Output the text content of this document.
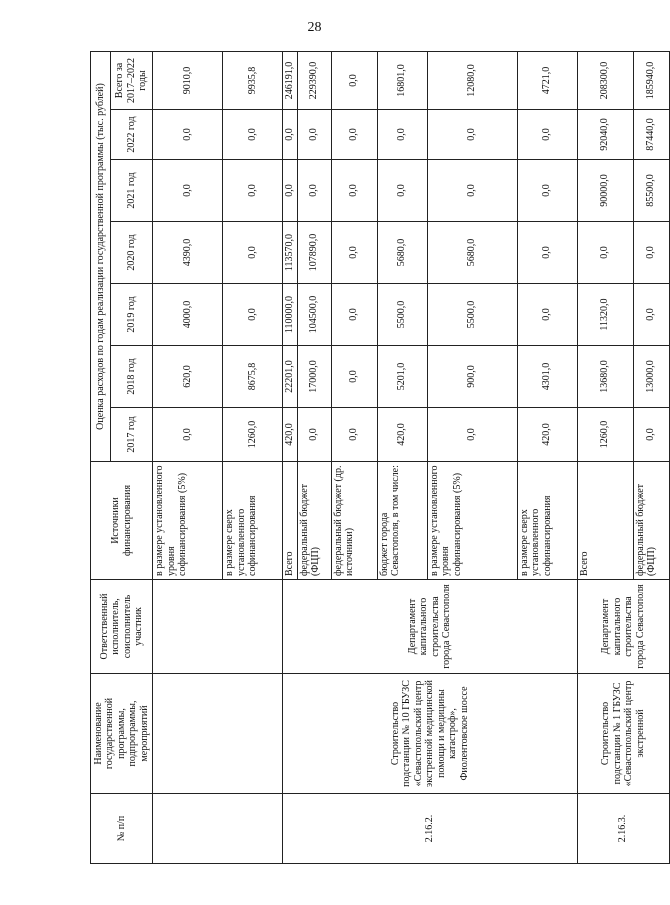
28
№ п/п	Наименование государственной программы, подпрограммы, мероприятий	Ответственный исполнитель, соисполнитель участник	Источники финансирования	Оценка расходов по годам реализации государственной программы (тыс. рублей)						
				2017 год	2018 год	2019 год	2020 год	2021 год	2022 год	Всего за 2017–2022 годы
			в размере установленного уровня софинансирования (5%)	0,0	620,0	4000,0	4390,0	0,0	0,0	9010,0
			в размере сверх установленного софинансирования	1260,0	8675,8	0,0	0,0	0,0	0,0	9935,8
2.16.2.	Строительство подстанции № 10 ГБУЗС «Севастопольский центр экстренной медицинской помощи и медицины катастроф», Фиолентовское шоссе	Департамент капитального строительства города Севастополя	Всего	420,0	22201,0	110000,0	113570,0	0,0	0,0	246191,0
			федеральный бюджет (ФЦП)	0,0	17000,0	104500,0	107890,0	0,0	0,0	229390,0
			федеральный бюджет (др. источники)	0,0	0,0	0,0	0,0	0,0	0,0	0,0
			бюджет города Севастополя, в том числе:	420,0	5201,0	5500,0	5680,0	0,0	0,0	16801,0
			в размере установленного уровня софинансирования (5%)	0,0	900,0	5500,0	5680,0	0,0	0,0	12080,0
			в размере сверх установленного софинансирования	420,0	4301,0	0,0	0,0	0,0	0,0	4721,0
2.16.3.	Строительство подстанции № 1 ГБУЗС «Севастопольский центр экстренной	Департамент капитального строительства города Севастополя	Всего	1260,0	13680,0	11320,0	0,0	90000,0	92040,0	208300,0
			федеральный бюджет (ФЦП)	0,0	13000,0	0,0	0,0	85500,0	87440,0	185940,0
